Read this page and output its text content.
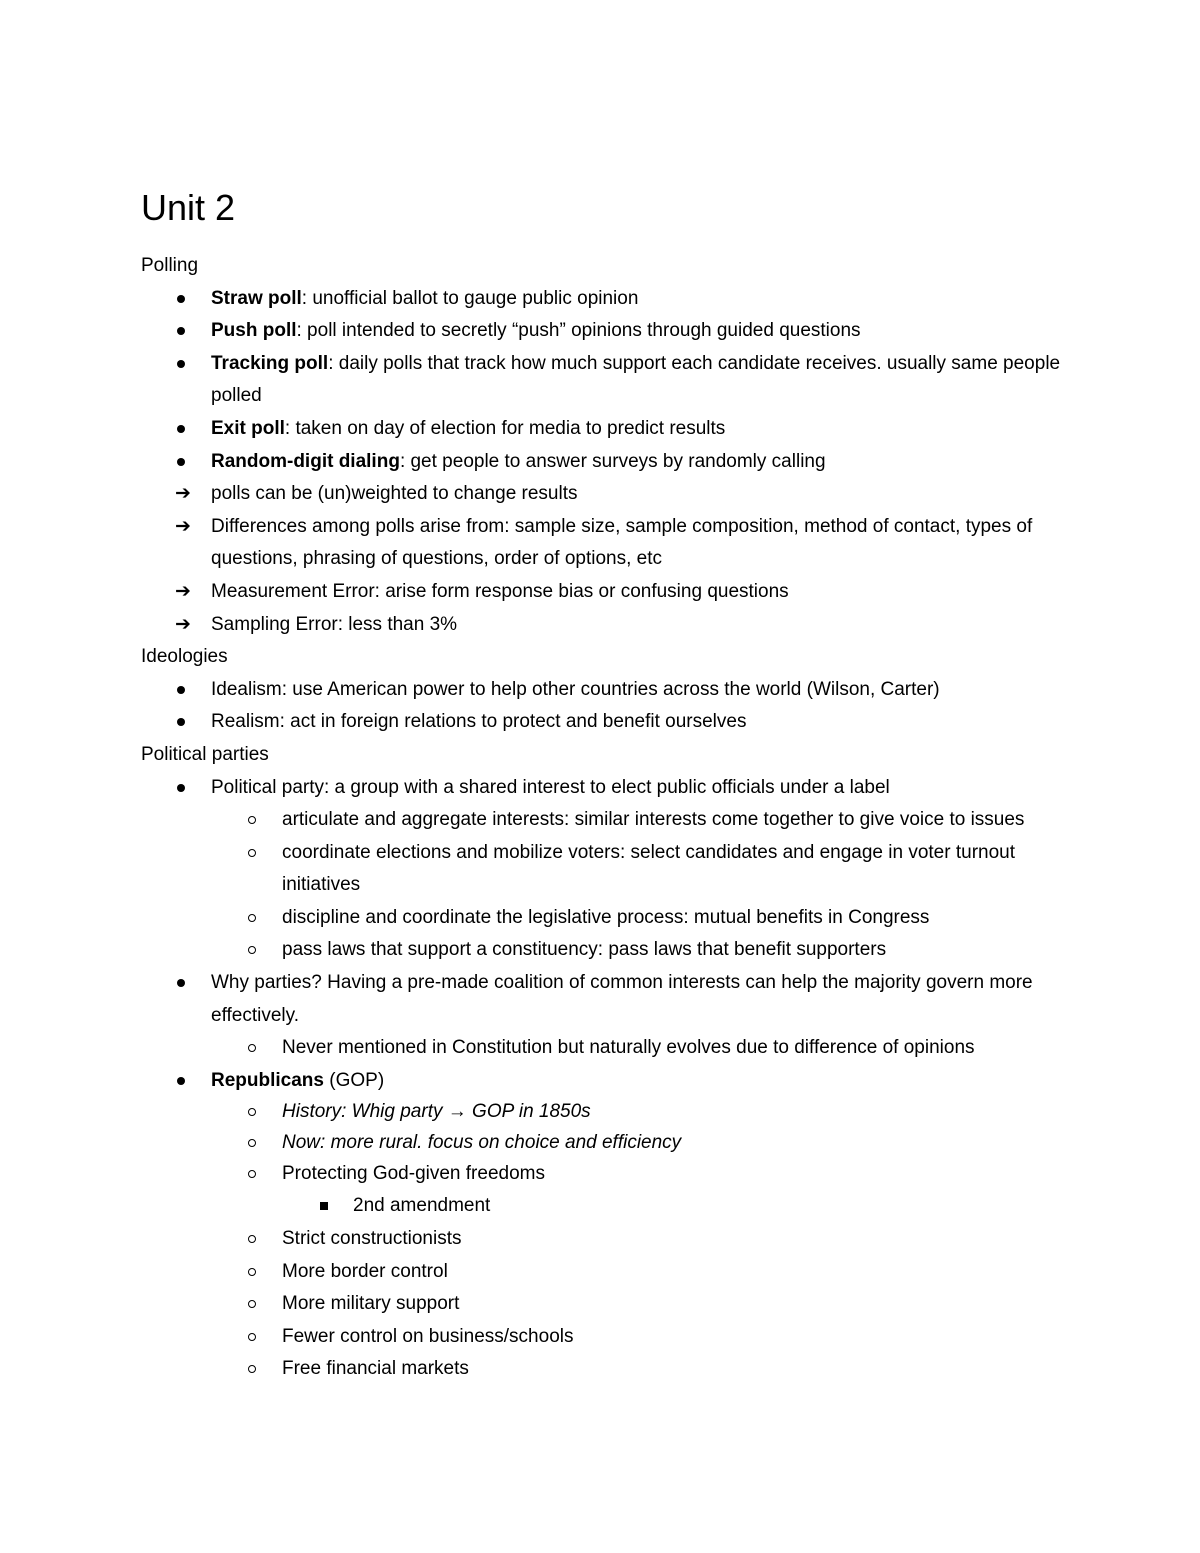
Unit 2

Polling

Straw poll: unofficial ballot to gauge public opinion
Push poll: poll intended to secretly “push” opinions through guided questions
Tracking poll: daily polls that track how much support each candidate receives. usually same people polled
Exit poll: taken on day of election for media to predict results
Random-digit dialing: get people to answer surveys by randomly calling
➔ polls can be (un)weighted to change results
➔ Differences among polls arise from: sample size, sample composition, method of contact, types of questions, phrasing of questions, order of options, etc
➔ Measurement Error: arise form response bias or confusing questions
➔ Sampling Error: less than 3%

Ideologies

Idealism: use American power to help other countries across the world (Wilson, Carter)
Realism: act in foreign relations to protect and benefit ourselves

Political parties

Political party: a group with a shared interest to elect public officials under a label
articulate and aggregate interests: similar interests come together to give voice to issues
coordinate elections and mobilize voters: select candidates and engage in voter turnout initiatives
discipline and coordinate the legislative process: mutual benefits in Congress
pass laws that support a constituency: pass laws that benefit supporters
Why parties? Having a pre-made coalition of common interests can help the majority govern more effectively.
Never mentioned in Constitution but naturally evolves due to difference of opinions
Republicans (GOP)
History: Whig party → GOP in 1850s
Now: more rural. focus on choice and efficiency
Protecting God-given freedoms
2nd amendment
Strict constructionists
More border control
More military support
Fewer control on business/schools
Free financial markets
